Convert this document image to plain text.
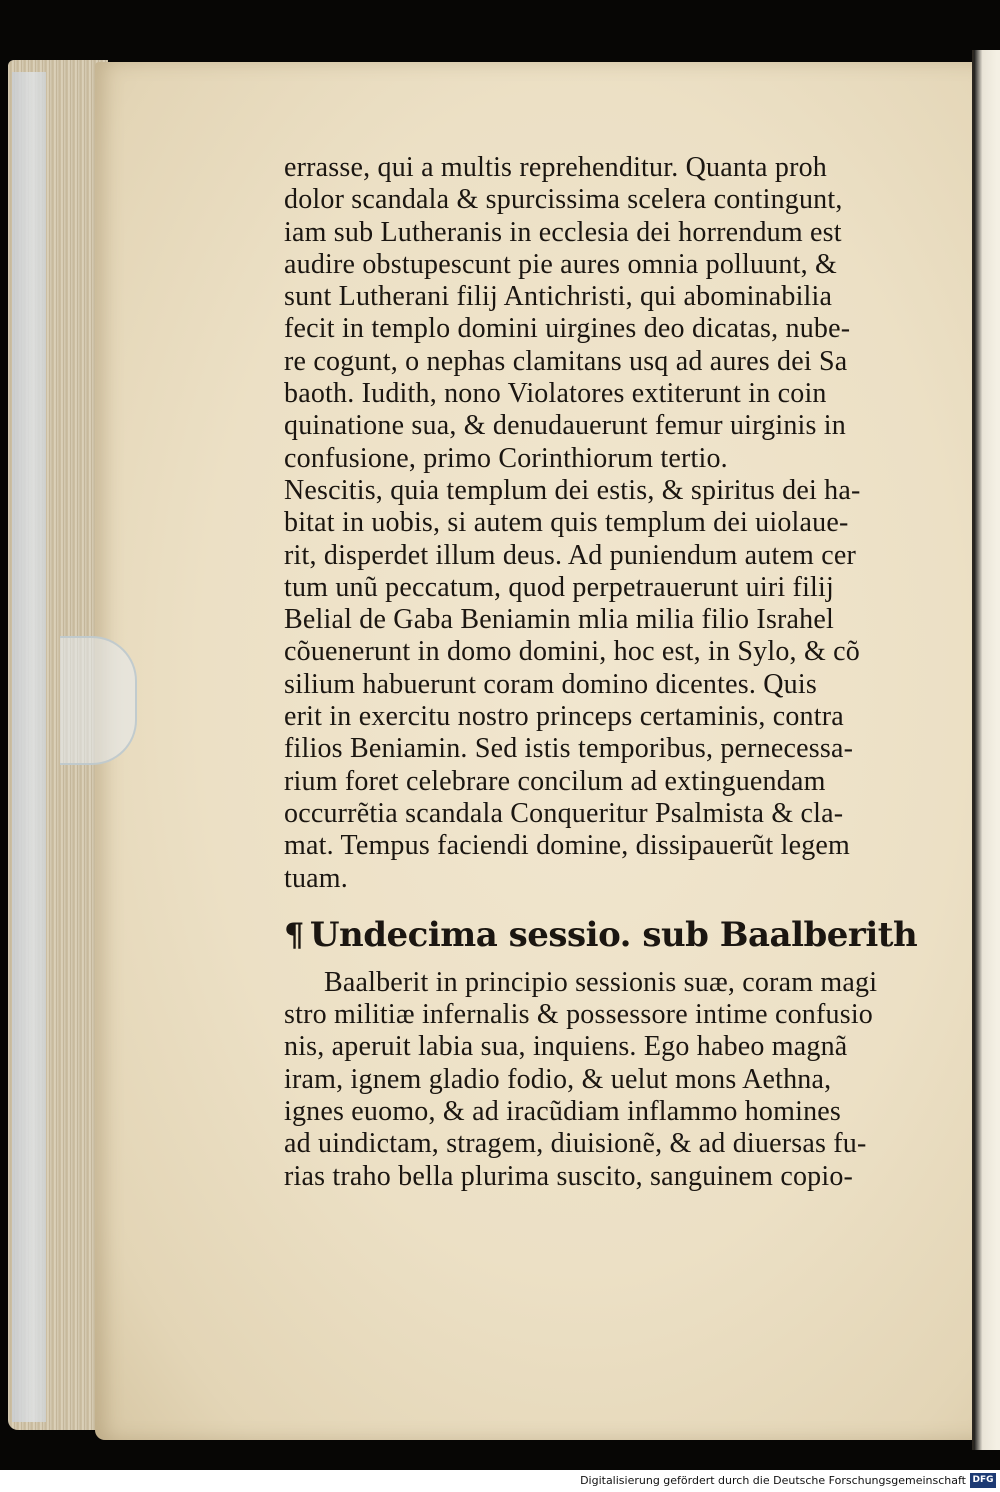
errasse, qui a multis reprehenditur. Quanta proh
dolor scandala & spurcissima scelera contingunt,
iam sub Lutheranis in ecclesia dei horrendum est
audire obstupescunt pie aures omnia polluunt, &
sunt Lutherani filij Antichristi, qui abominabilia
fecit in templo domini uirgines deo dicatas, nube-
re cogunt, o nephas clamitans usq ad aures dei Sa
baoth. Iudith, nono Violatores extiterunt in coin
quinatione sua, & denudauerunt femur uirginis in
confusione, primo Corinthiorum tertio.
Nescitis, quia templum dei estis, & spiritus dei ha-
bitat in uobis, si autem quis templum dei uiolaue-
rit, disperdet illum deus. Ad puniendum autem cer
tum unũ peccatum, quod perpetrauerunt uiri filij
Belial de Gaba Beniamin mlia milia filio Israhel
cõuenerunt in domo domini, hoc est, in Sylo, & cõ
silium habuerunt coram domino dicentes. Quis
erit in exercitu nostro princeps certaminis, contra
filios Beniamin. Sed istis temporibus, pernecessa-
rium foret celebrare concilum ad extinguendam
occurrẽtia scandala Conqueritur Psalmista & cla-
mat. Tempus faciendi domine, dissipauerũt legem
tuam.
¶ Undecima sessio. sub Baalberith
Baalberit in principio sessionis suæ, coram magi
stro militiæ infernalis & possessore intime confusio
nis, aperuit labia sua, inquiens. Ego habeo magnã
iram, ignem gladio fodio, & uelut mons Aethna,
ignes euomo, & ad iracũdiam inflammo homines
ad uindictam, stragem, diuisionẽ, & ad diuersas fu-
rias traho bella plurima suscito, sanguinem copio-
Digitalisierung gefördert durch die Deutsche Forschungsgemeinschaft DFG
